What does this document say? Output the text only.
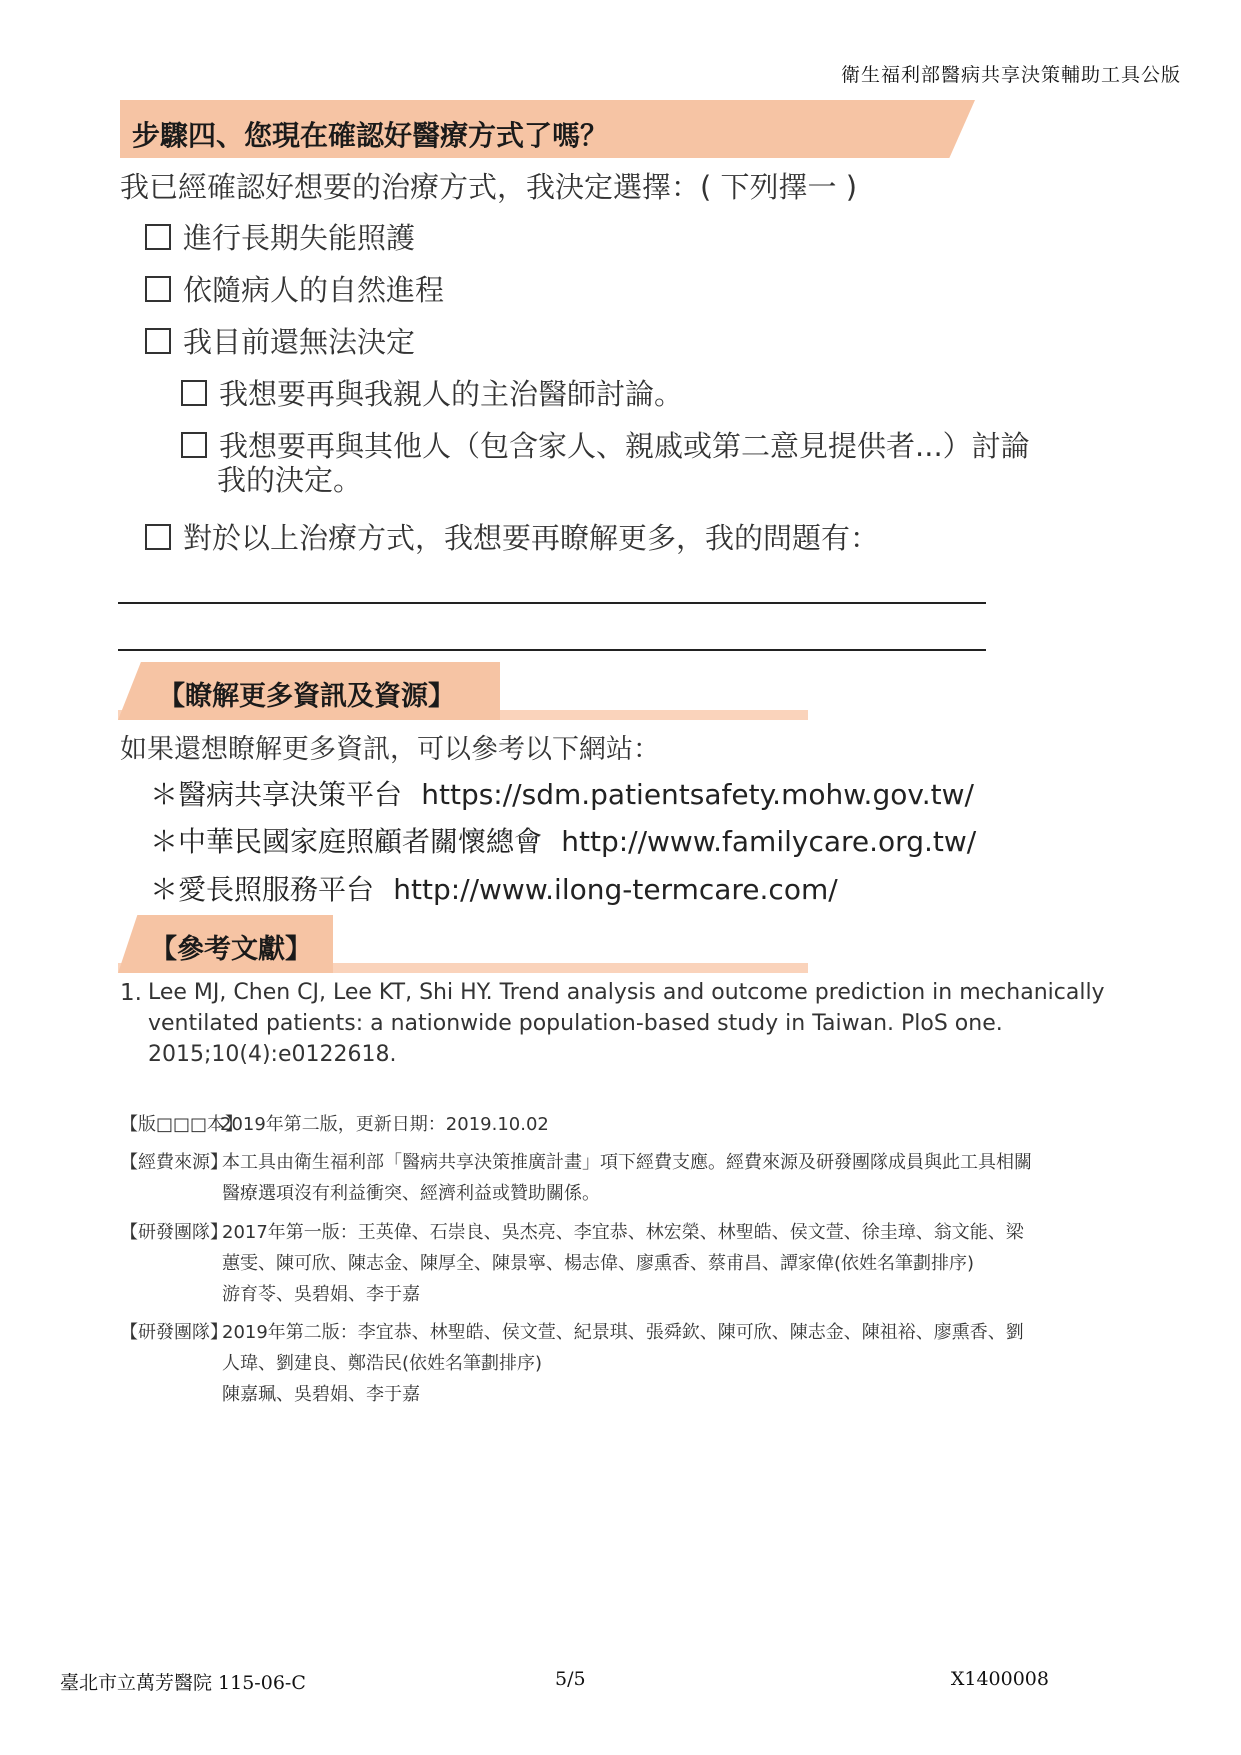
衛生福利部醫病共享決策輔助工具公版
步驟四、您現在確認好醫療方式了嗎？
我已經確認好想要的治療方式，我決定選擇：( 下列擇一 )
進行長期失能照護
依隨病人的自然進程
我目前還無法決定
我想要再與我親人的主治醫師討論。
我想要再與其他人（包含家人、親戚或第二意見提供者...）討論
我的決定。
對於以上治療方式，我想要再瞭解更多，我的問題有：
【瞭解更多資訊及資源】
如果還想瞭解更多資訊，可以參考以下網站：
＊醫病共享決策平台 https://sdm.patientsafety.mohw.gov.tw/
＊中華民國家庭照顧者關懷總會 http://www.familycare.org.tw/
＊愛長照服務平台 http://www.ilong-termcare.com/
【參考文獻】
1. Lee MJ, Chen CJ, Lee KT, Shi HY. Trend analysis and outcome prediction in mechanically
ventilated patients: a nationwide population-based study in Taiwan. PloS one.
2015;10(4):e0122618.
【版□□□本】
2019年第二版，更新日期：2019.10.02
【經費來源】
本工具由衛生福利部「醫病共享決策推廣計畫」項下經費支應。經費來源及研發團隊成員與此工具相關
醫療選項沒有利益衝突、經濟利益或贊助關係。
【研發團隊】
2017年第一版：王英偉、石崇良、吳杰亮、李宜恭、林宏榮、林聖皓、侯文萱、徐圭璋、翁文能、梁
蕙雯、陳可欣、陳志金、陳厚全、陳景寧、楊志偉、廖熏香、蔡甫昌、譚家偉(依姓名筆劃排序)
游育苓、吳碧娟、李于嘉
【研發團隊】
2019年第二版：李宜恭、林聖皓、侯文萱、紀景琪、張舜欽、陳可欣、陳志金、陳祖裕、廖熏香、劉
人瑋、劉建良、鄭浩民(依姓名筆劃排序)
陳嘉珮、吳碧娟、李于嘉
臺北市立萬芳醫院 115-06-C	5/5	X1400008
